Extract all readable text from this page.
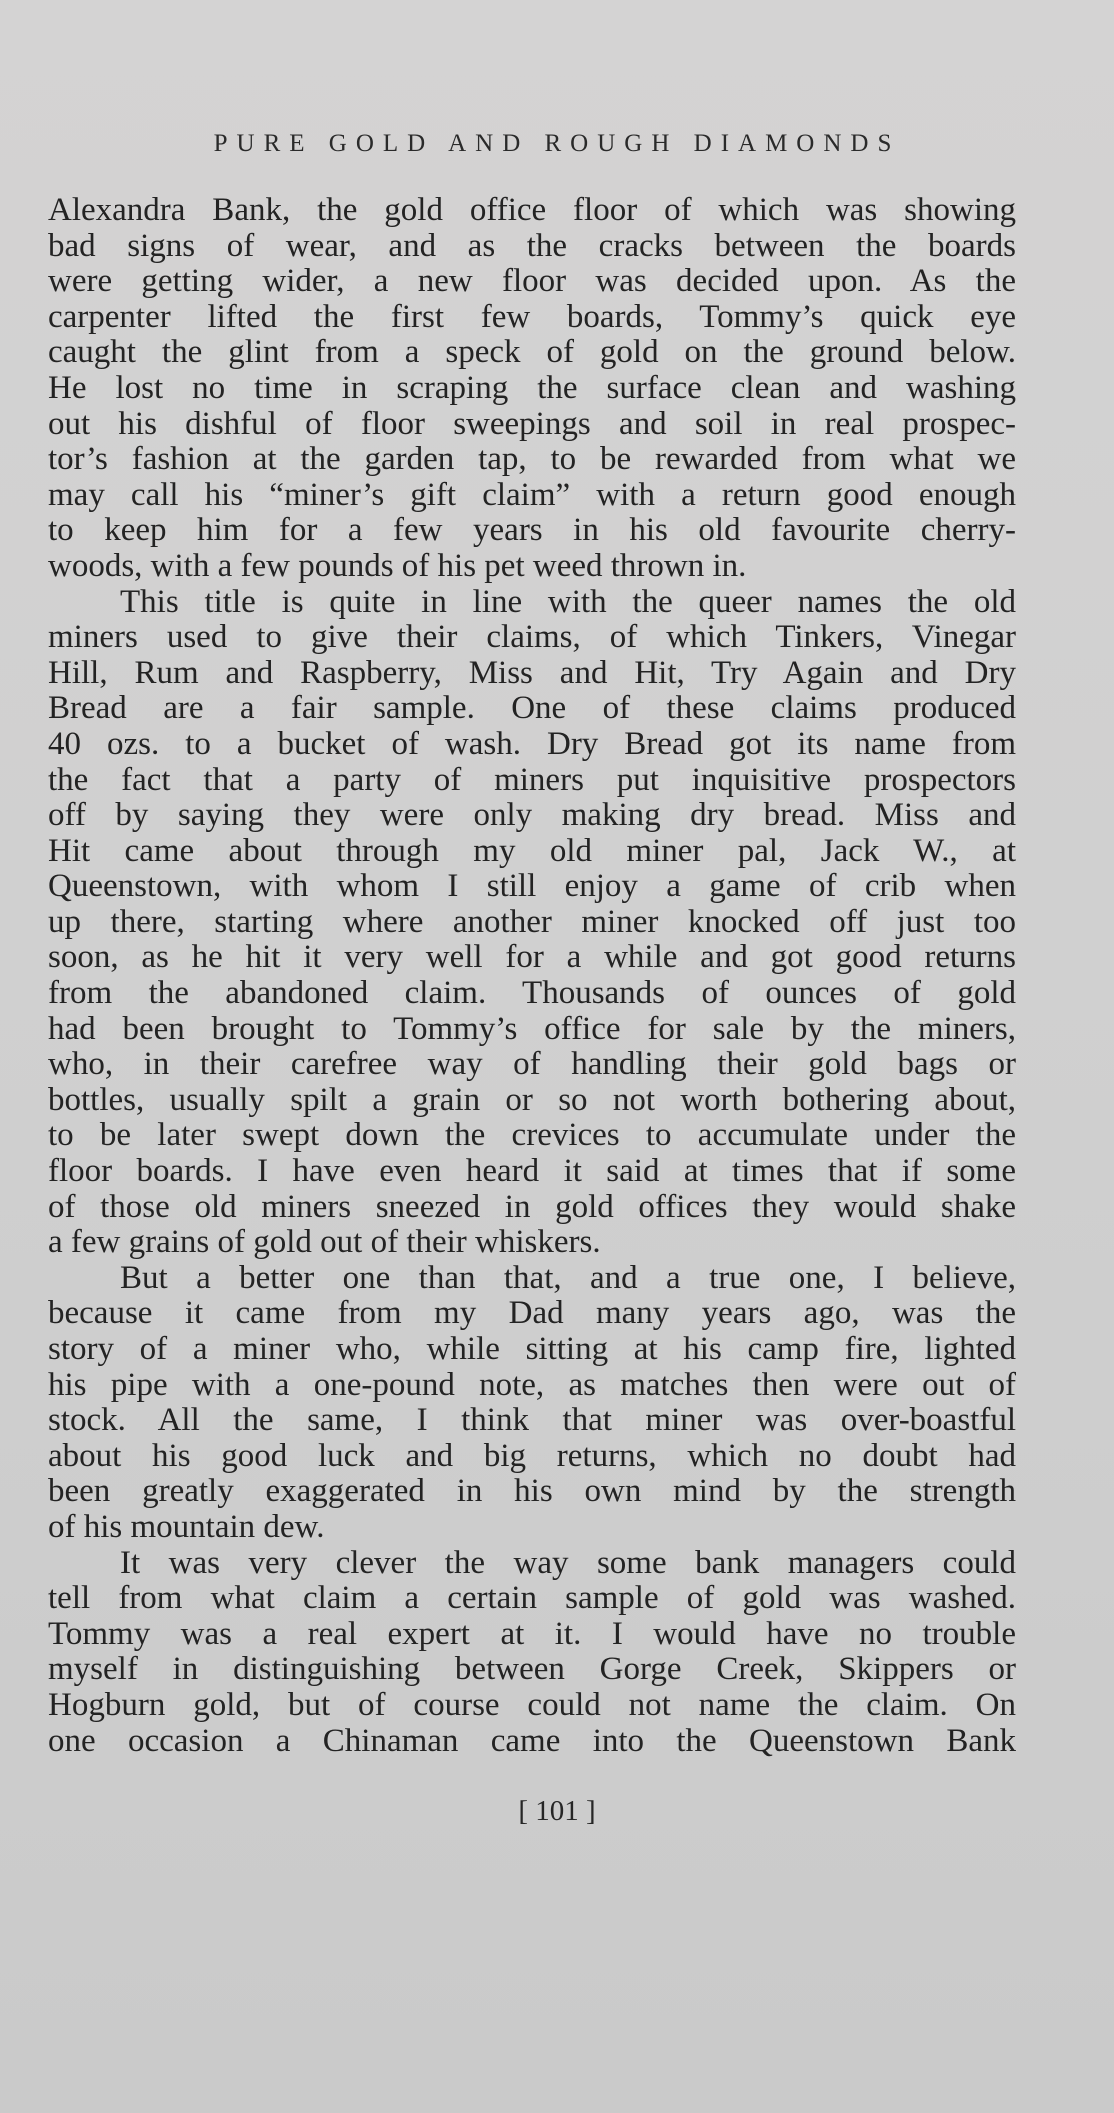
PURE GOLD AND ROUGH DIAMONDS
Alexandra Bank, the gold office floor of which was showing
bad signs of wear, and as the cracks between the boards
were getting wider, a new floor was decided upon. As the
carpenter lifted the first few boards, Tommy’s quick eye
caught the glint from a speck of gold on the ground below.
He lost no time in scraping the surface clean and washing
out his dishful of floor sweepings and soil in real prospec-
tor’s fashion at the garden tap, to be rewarded from what we
may call his “miner’s gift claim” with a return good enough
to keep him for a few years in his old favourite cherry-
woods, with a few pounds of his pet weed thrown in.
This title is quite in line with the queer names the old
miners used to give their claims, of which Tinkers, Vinegar
Hill, Rum and Raspberry, Miss and Hit, Try Again and Dry
Bread are a fair sample. One of these claims produced
40 ozs. to a bucket of wash. Dry Bread got its name from
the fact that a party of miners put inquisitive prospectors
off by saying they were only making dry bread. Miss and
Hit came about through my old miner pal, Jack W., at
Queenstown, with whom I still enjoy a game of crib when
up there, starting where another miner knocked off just too
soon, as he hit it very well for a while and got good returns
from the abandoned claim. Thousands of ounces of gold
had been brought to Tommy’s office for sale by the miners,
who, in their carefree way of handling their gold bags or
bottles, usually spilt a grain or so not worth bothering about,
to be later swept down the crevices to accumulate under the
floor boards. I have even heard it said at times that if some
of those old miners sneezed in gold offices they would shake
a few grains of gold out of their whiskers.
But a better one than that, and a true one, I believe,
because it came from my Dad many years ago, was the
story of a miner who, while sitting at his camp fire, lighted
his pipe with a one-pound note, as matches then were out of
stock. All the same, I think that miner was over-boastful
about his good luck and big returns, which no doubt had
been greatly exaggerated in his own mind by the strength
of his mountain dew.
It was very clever the way some bank managers could
tell from what claim a certain sample of gold was washed.
Tommy was a real expert at it. I would have no trouble
myself in distinguishing between Gorge Creek, Skippers or
Hogburn gold, but of course could not name the claim. On
one occasion a Chinaman came into the Queenstown Bank
[ 101 ]
